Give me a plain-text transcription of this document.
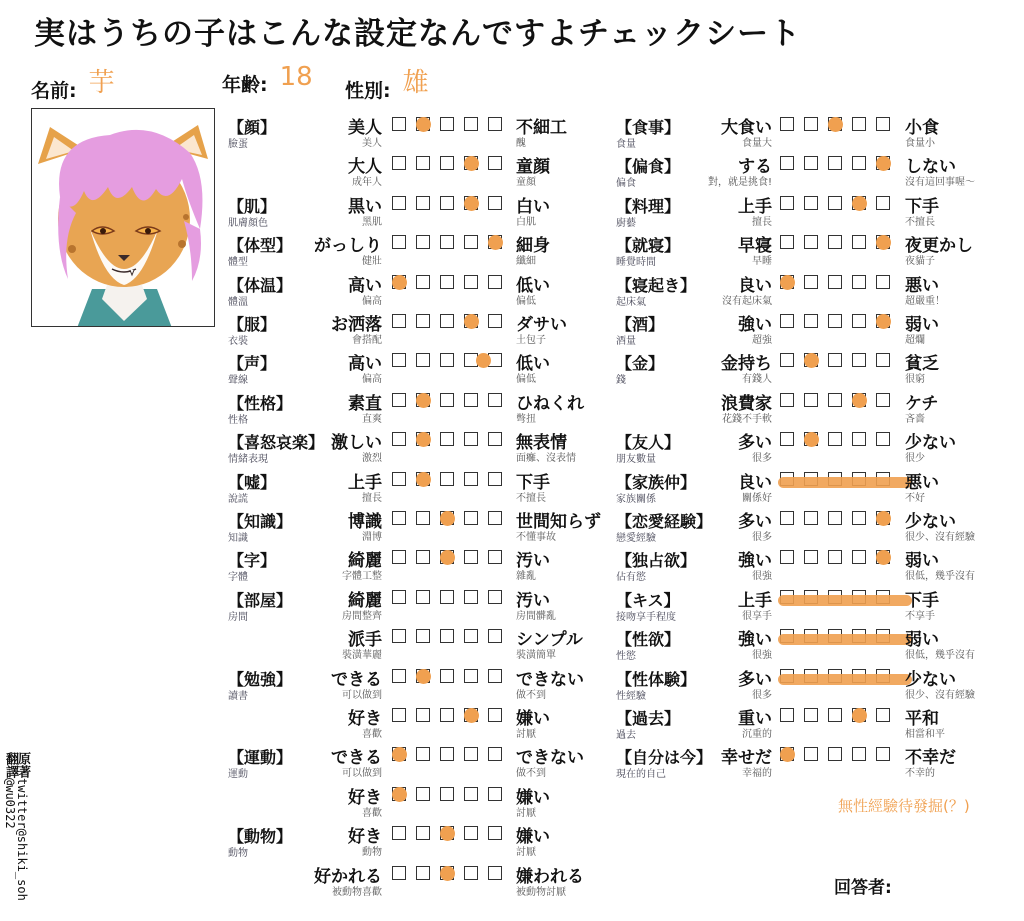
実はうちの子はこんな設定なんですよチェックシート
名前: 芋	年齢: 18 性別: 雄
原著twitter@shiki_soh
翻譯@wu0322
【顔】
臉蛋
美人
美人
不細工
醜
大人
成年人
童顔
童顏
【肌】
肌膚顏色
黒い
黑肌
白い
白肌
【体型】
體型
がっしり
健壯
細身
纖細
【体温】
體溫
高い
偏高
低い
偏低
【服】
衣裝
お洒落
會搭配
ダサい
土包子
【声】
聲線
高い
偏高
低い
偏低
【性格】
性格
素直
直爽
ひねくれ
彆扭
【喜怒哀楽】
情緒表現
激しい
激烈
無表情
面癱、沒表情
【嘘】
說謊
上手
擅長
下手
不擅長
【知識】
知識
博識
淵博
世間知らず
不懂事故
【字】
字體
綺麗
字體工整
汚い
雜亂
【部屋】
房間
綺麗
房間整齊
汚い
房間髒亂
派手
裝潢華麗
シンプル
裝潢簡單
【勉強】
讀書
できる
可以做到
できない
做不到
好き
喜歡
嫌い
討厭
【運動】
運動
できる
可以做到
できない
做不到
好き
喜歡
嫌い
討厭
【動物】
動物
好き
動物
嫌い
討厭
好かれる
被動物喜歡
嫌われる
被動物討厭
【食事】
食量
大食い
食量大
小食
食量小
【偏食】
偏食
する
對，就是挑食!
しない
沒有這回事喔～
【料理】
廚藝
上手
擅長
下手
不擅長
【就寝】
睡覺時間
早寝
早睡
夜更かし
夜貓子
【寝起き】
起床氣
良い
沒有起床氣
悪い
超嚴重！
【酒】
酒量
強い
超強
弱い
超爛
【金】
錢
金持ち
有錢人
貧乏
很窮
浪費家
花錢不手軟
ケチ
吝嗇
【友人】
朋友數量
多い
很多
少ない
很少
【家族仲】
家族關係
良い
關係好
悪い
不好
【恋愛経験】
戀愛經驗
多い
很多
少ない
很少、沒有經驗
【独占欲】
佔有慾
強い
很強
弱い
很低，幾乎沒有
【キス】
接吻享手程度
上手
很享手
下手
不享手
【性欲】
性慾
強い
很強
弱い
很低，幾乎沒有
【性体験】
性經驗
多い
很多
少ない
很少、沒有經驗
【過去】
過去
重い
沉重的
平和
相當和平
【自分は今】
現在的自己
幸せだ
幸福的
不幸だ
不幸的
無性經驗待發掘(？)
回答者:
